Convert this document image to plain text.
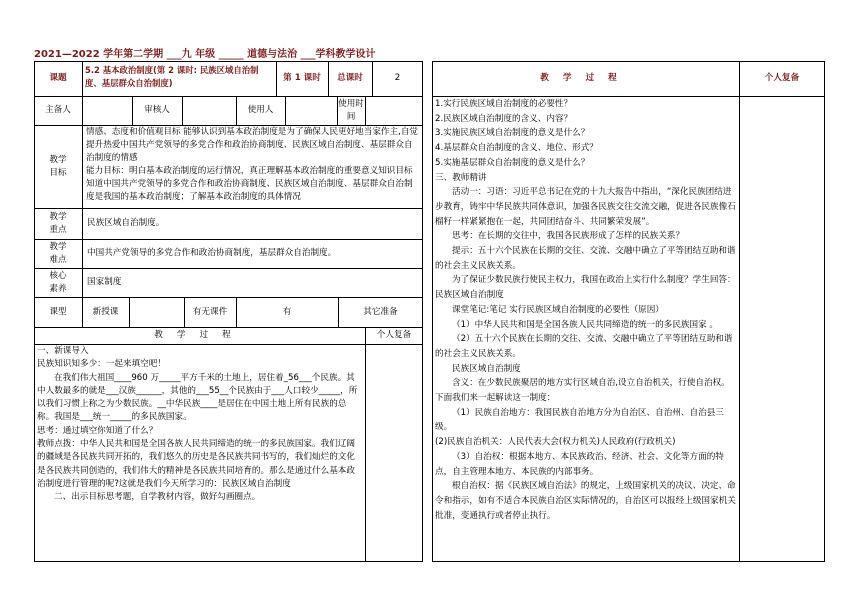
2021—2022 学年第二学期 ___九 年级 _____ 道德与法治 ___学科教学设计
课题
5.2 基本政治制度(第 2 课时: 民族区域自治制度、基层群众自治制度)	第 1 课时	总课时	2
主备人	审核人	使用人
使用时间
教学目标

情感、态度和价值观目标 能够认识到基本政治制度是为了确保人民更好地当家作主,自觉提升热爱中国共产党领导的多党合作和政治协商制度、民族区域自治制度、基层群众自治制度的情感

能力目标：明白基本政治制度的运行情况，真正理解基本政治制度的重要意义知识目标 知道中国共产党领导的多党合作和政治协商制度、民族区域自治制度、基层群众自治制度是我国的基本政治制度；了解基本政治制度的具体情况

教学重点
民族区域自治制度。
教学难点
中国共产党领导的多党合作和政治协商制度，基层群众自治制度。
核心素养
国家制度
课型	新授课	有无课件	有	其它准备
教学过程	个人复备

一、新课导入

民族知识知多少：一起来填空吧！

在我们伟大祖国____960 万_____平方千米的土地上，居住着_56___个民族。其中人数最多的就是___汉族______，其他的___55__个民族由于___人口较少_____，所以我们习惯上称之为少数民族。__中华民族____是居住在中国土地上所有民族的总称。我国是___统一_____的多民族国家。

思考：通过填空你知道了什么？

教师点拨：中华人民共和国是全国各族人民共同缔造的统一的多民族国家。我们辽阔的疆域是各民族共同开拓的，我们悠久的历史是各民族共同书写的，我们灿烂的文化是各民族共同创造的，我们伟大的精神是各民族共同培育的。那么是通过什么基本政治制度进行管理的呢?这就是我们今天所学习的：民族区域自治制度

二、出示目标思考题，自学教材内容，做好勾画圈点。

教学过程	个人复备

1.实行民族区域自治制度的必要性？

2.民族区域自治制度的含义、内容？

3.实施民族区域自治制度的意义是什么？

4.基层群众自治制度的含义、地位、形式？

5.实施基层群众自治制度的意义是什么？

三、教师精讲

活动一：习语：习近平总书记在党的十九大报告中指出，“深化民族团结进步教育，铸牢中华民族共同体意识，加强各民族交往交流交融，促进各民族像石榴籽一样紧紧抱在一起，共同团结奋斗、共同繁荣发展”。

思考：在长期的交往中，我国各民族形成了怎样的民族关系？

提示：五十六个民族在长期的交往、交流、交融中确立了平等团结互助和谐的社会主义民族关系。

为了保证少数民族行使民主权力，我国在政治上实行什么制度？学生回答：民族区域自治制度

课堂笔记:笔记 实行民族区域自治制度的必要性（原因）

（1）中华人民共和国是全国各族人民共同缔造的统一的多民族国家 。

（2）五十六个民族在长期的交往、交流、交融中确立了平等团结互助和谐的社会主义民族关系。

民族区域自治制度

含义：在少数民族聚居的地方实行区域自治,设立自治机关，行使自治权。下面我们来一起解读这一制度：

（1）民族自治地方：我国民族自治地方分为自治区、自治州、自治县三级。

(2)民族自治机关：人民代表大会(权力机关)人民政府(行政机关)

（3）自治权：根据本地方、本民族政治、经济、社会、文化等方面的特点，自主管理本地方、本民族的内部事务。

根自治权：据《民族区域自治法》的规定，上级国家机关的决议、决定、命令和指示，如有不适合本民族自治区实际情况的，自治区可以报经上级国家机关批准，变通执行或者停止执行。
